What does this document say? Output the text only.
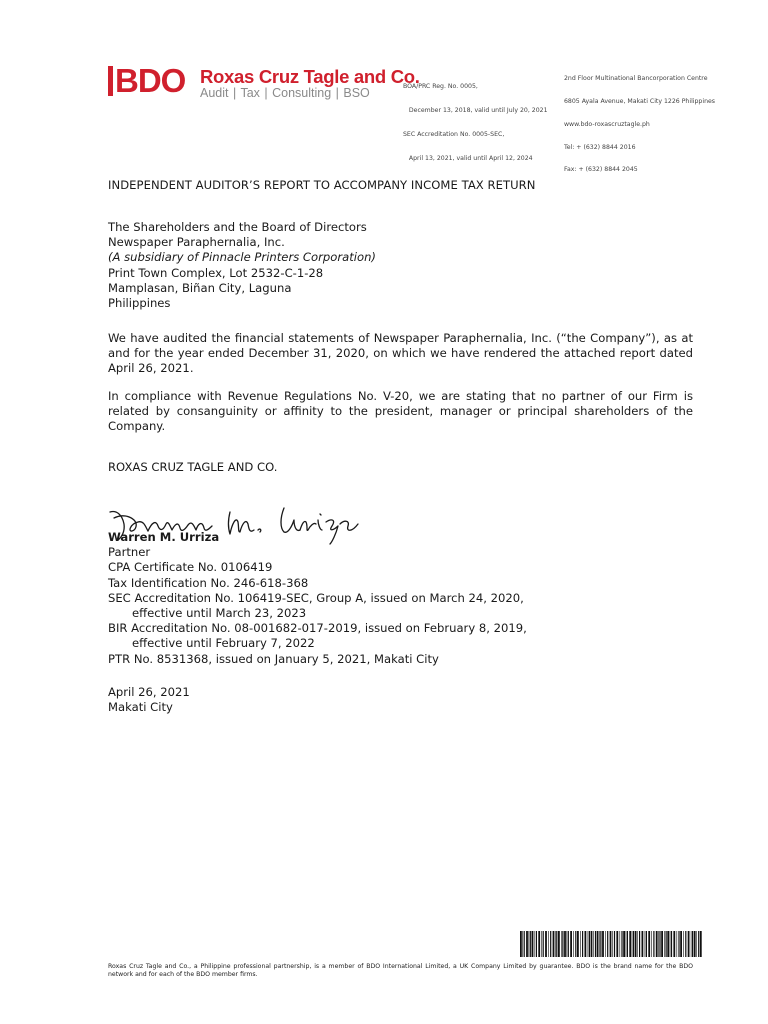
BDO Roxas Cruz Tagle and Co.
Audit | Tax | Consulting | BSO

	BOA/PRC Reg. No. 0005,

December 13, 2018, valid until July 20, 2021

SEC Accreditation No. 0005-SEC,

April 13, 2021, valid until April 12, 2024

2nd Floor Multinational Bancorporation Centre

6805 Ayala Avenue, Makati City 1226 Philippines

www.bdo-roxascruztagle.ph

Tel: + (632) 8844 2016

Fax: + (632) 8844 2045

INDEPENDENT AUDITOR’S REPORT TO ACCOMPANY INCOME TAX RETURN
The Shareholders and the Board of Directors
Newspaper Paraphernalia, Inc.
(A subsidiary of Pinnacle Printers Corporation)
Print Town Complex, Lot 2532-C-1-28
Mamplasan, Biñan City, Laguna
Philippines
We have audited the financial statements of Newspaper Paraphernalia, Inc. (“the Company”), as at and for the year ended December 31, 2020, on which we have rendered the attached report dated April 26, 2021.
In compliance with Revenue Regulations No. V-20, we are stating that no partner of our Firm is related by consanguinity or affinity to the president, manager or principal shareholders of the Company.
ROXAS CRUZ TAGLE AND CO.
Warren M. Urriza
Partner
CPA Certificate No. 0106419
Tax Identification No. 246-618-368
SEC Accreditation No. 106419-SEC, Group A, issued on March 24, 2020,
effective until March 23, 2023
BIR Accreditation No. 08-001682-017-2019, issued on February 8, 2019,
effective until February 7, 2022
PTR No. 8531368, issued on January 5, 2021, Makati City
April 26, 2021
Makati City
Roxas Cruz Tagle and Co., a Philippine professional partnership, is a member of BDO International Limited, a UK Company Limited by guarantee. BDO is the brand name for the BDO network and for each of the BDO member firms.
